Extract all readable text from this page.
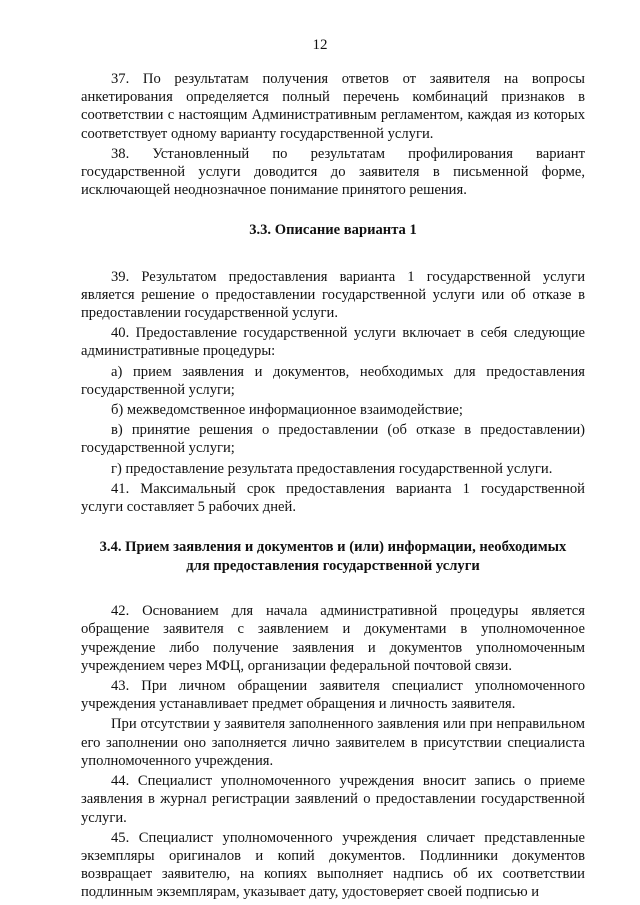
12

37. По результатам получения ответов от заявителя на вопросы анкетирования определяется полный перечень комбинаций признаков в соответствии с настоящим Административным регламентом, каждая из которых соответствует одному варианту государственной услуги.

38. Установленный по результатам профилирования вариант государственной услуги доводится до заявителя в письменной форме, исключающей неоднозначное понимание принятого решения.

3.3. Описание варианта 1

39. Результатом предоставления варианта 1 государственной услуги является решение о предоставлении государственной услуги или об отказе в предоставлении государственной услуги.

40. Предоставление государственной услуги включает в себя следующие административные процедуры:

а) прием заявления и документов, необходимых для предоставления государственной услуги;

б) межведомственное информационное взаимодействие;

в) принятие решения о предоставлении (об отказе в предоставлении) государственной услуги;

г) предоставление результата предоставления государственной услуги.

41. Максимальный срок предоставления варианта 1 государственной услуги составляет 5 рабочих дней.

3.4. Прием заявления и документов и (или) информации, необходимых
для предоставления государственной услуги

42. Основанием для начала административной процедуры является обращение заявителя с заявлением и документами в уполномоченное учреждение либо получение заявления и документов уполномоченным учреждением через МФЦ, организации федеральной почтовой связи.

43. При личном обращении заявителя специалист уполномоченного учреждения устанавливает предмет обращения и личность заявителя.

При отсутствии у заявителя заполненного заявления или при неправильном его заполнении оно заполняется лично заявителем в присутствии специалиста уполномоченного учреждения.

44. Специалист уполномоченного учреждения вносит запись о приеме заявления в журнал регистрации заявлений о предоставлении государственной услуги.

45. Специалист уполномоченного учреждения сличает представленные экземпляры оригиналов и копий документов. Подлинники документов возвращает заявителю, на копиях выполняет надпись об их соответствии подлинным экземплярам, указывает дату, удостоверяет своей подписью и
